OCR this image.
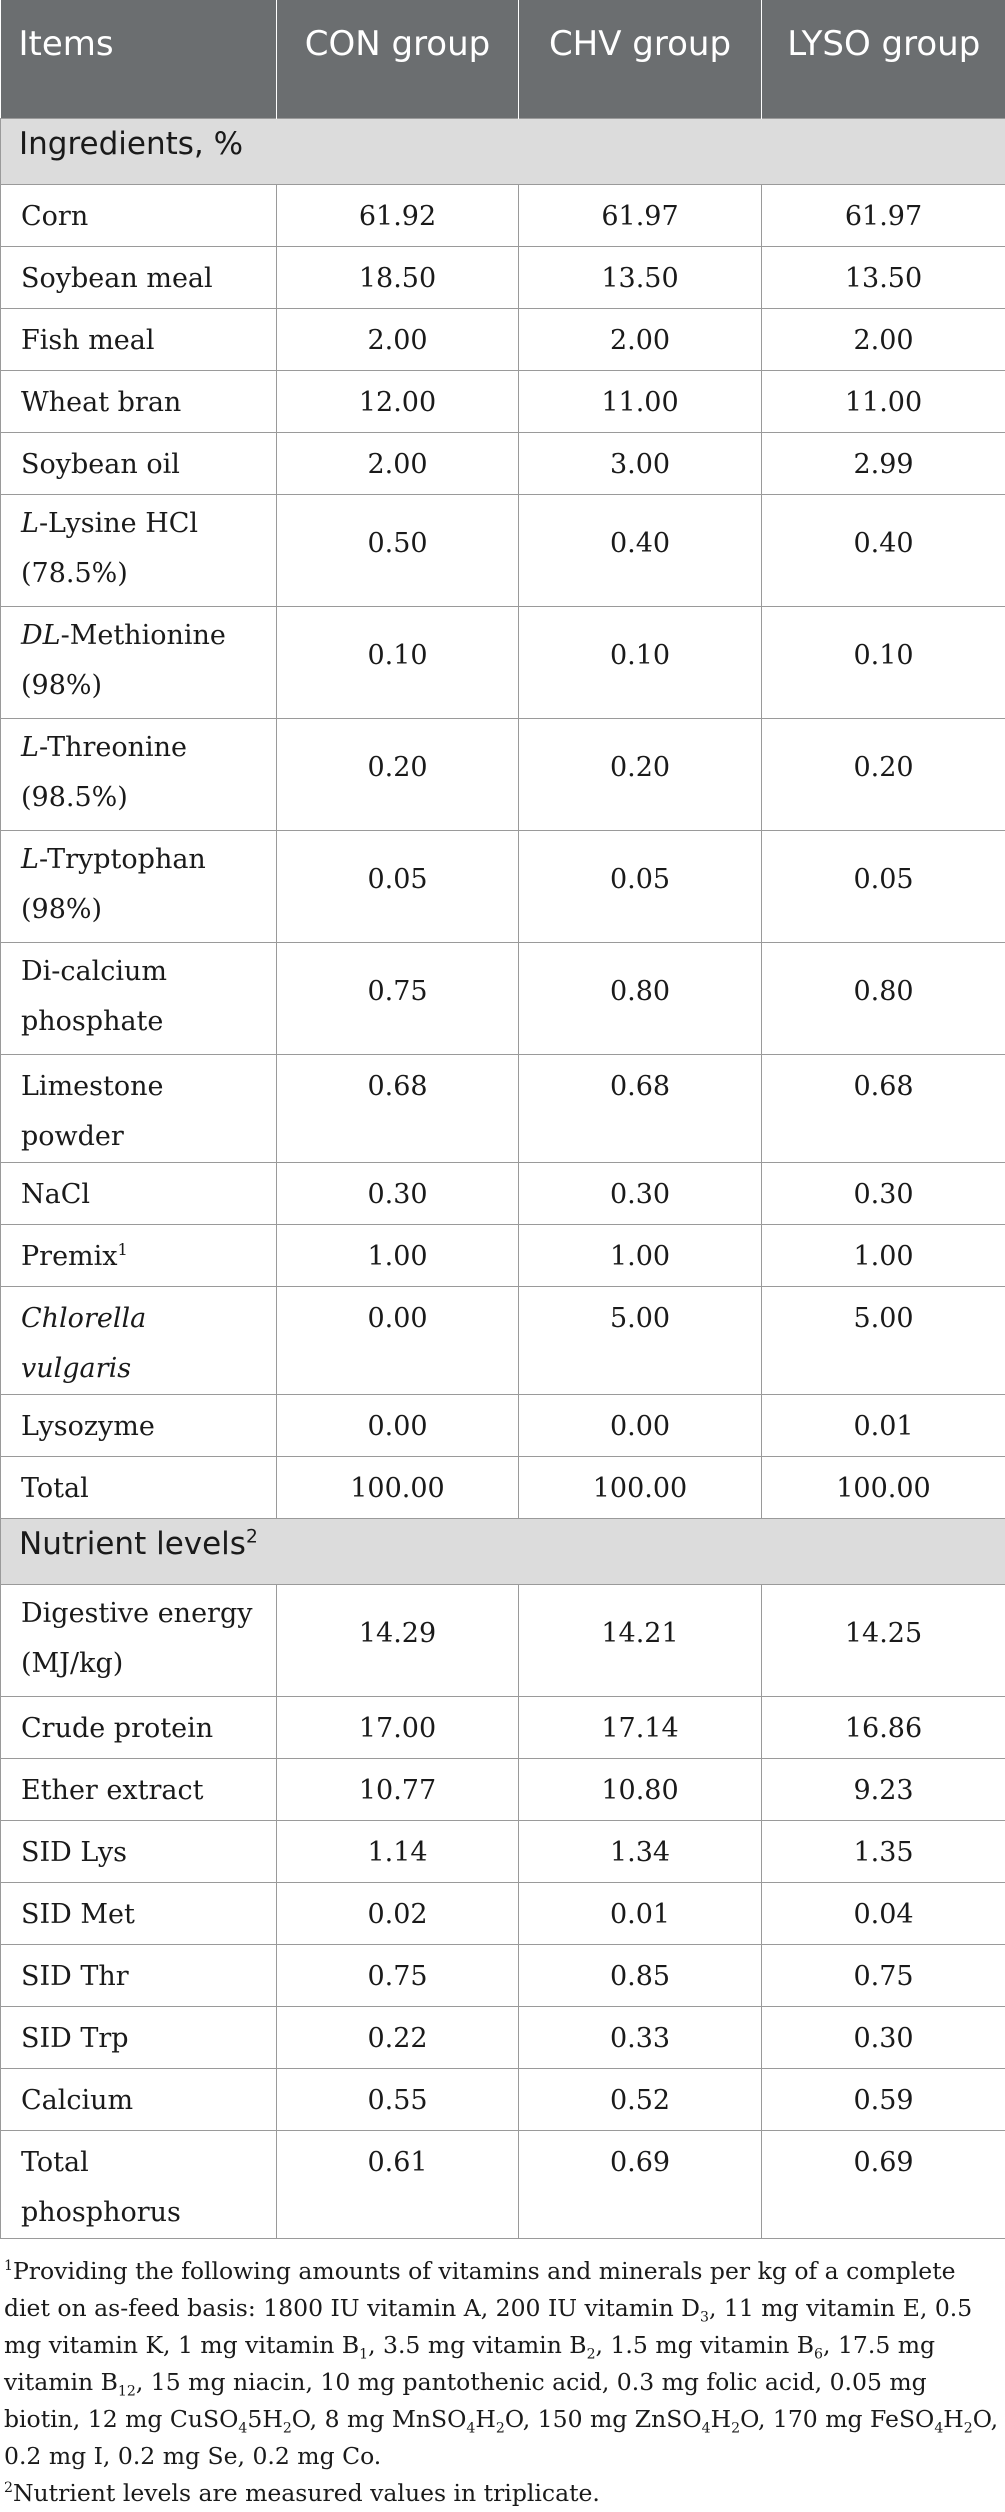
Items	CON group	CHV group	LYSO group
Ingredients, %			
Corn	61.92	61.97	61.97
Soybean meal	18.50	13.50	13.50
Fish meal	2.00	2.00	2.00
Wheat bran	12.00	11.00	11.00
Soybean oil	2.00	3.00	2.99
L-Lysine HCl (78.5%)	0.50	0.40	0.40
DL-Methionine (98%)	0.10	0.10	0.10
L-Threonine (98.5%)	0.20	0.20	0.20
L-Tryptophan (98%)	0.05	0.05	0.05
Di-calcium phosphate	0.75	0.80	0.80
Limestone powder	0.68	0.68	0.68
NaCl	0.30	0.30	0.30
Premix$^1$	1.00	1.00	1.00
Chlorella vulgaris	0.00	5.00	5.00
Lysozyme	0.00	0.00	0.01
Total	100.00	100.00	100.00
Nutrient levels$^2$
Digestive energy (MJ/kg)	14.29	14.21	14.25
Crude protein	17.00	17.14	16.86
Ether extract	10.77	10.80	9.23
SID Lys	1.14	1.34	1.35
SID Met	0.02	0.01	0.04
SID Thr	0.75	0.85	0.75
SID Trp	0.22	0.33	0.30
Calcium	0.55	0.52	0.59
Total phosphorus	0.61	0.69	0.69

$^1$Providing the following amounts of vitamins and minerals per kg of a complete diet on as-feed basis: 1800 IU vitamin A, 200 IU vitamin $D_3$, 11 mg vitamin E, 0.5 mg vitamin K, 1 mg vitamin $B_1$, 3.5 mg vitamin $B_2$, 1.5 mg vitamin $B_6$, 17.5 mg vitamin $B_{12}$, 15 mg niacin, 10 mg pantothenic acid, 0.3 mg folic acid, 0.05 mg biotin, 12 mg $CuSO_45H_2O$, 8 mg $MnSO_4H_2O$, 150 mg $ZnSO_4H_2O$, 170 mg $FeSO_4H_2O$, 0.2 mg I, 0.2 mg Se, 0.2 mg Co.

$^2$Nutrient levels are measured values in triplicate.
